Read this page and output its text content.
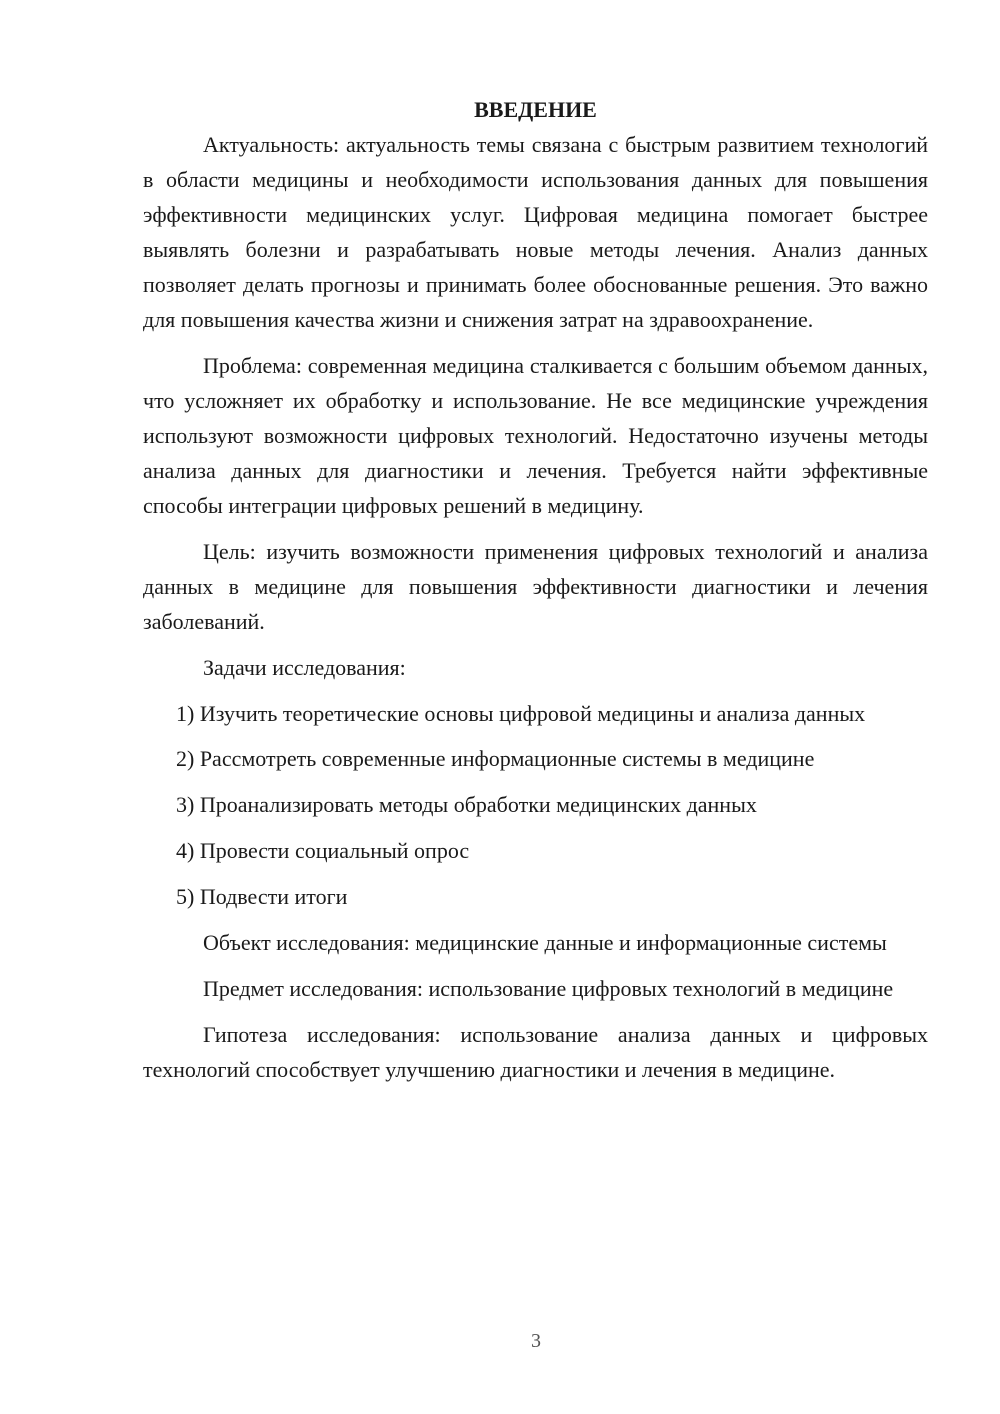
ВВЕДЕНИЕ

Актуальность: актуальность темы связана с быстрым развитием технологий в области медицины и необходимости использования данных для повышения эффективности медицинских услуг. Цифровая медицина помогает быстрее выявлять болезни и разрабатывать новые методы лечения. Анализ данных позволяет делать прогнозы и принимать более обоснованные решения. Это важно для повышения качества жизни и снижения затрат на здравоохранение.

Проблема: современная медицина сталкивается с большим объемом данных, что усложняет их обработку и использование. Не все медицинские учреждения используют возможности цифровых технологий. Недостаточно изучены методы анализа данных для диагностики и лечения. Требуется найти эффективные способы интеграции цифровых решений в медицину.

Цель: изучить возможности применения цифровых технологий и анализа данных в медицине для повышения эффективности диагностики и лечения заболеваний.

Задачи исследования:

1) Изучить теоретические основы цифровой медицины и анализа данных

2) Рассмотреть современные информационные системы в медицине

3) Проанализировать методы обработки медицинских данных

4) Провести социальный опрос

5) Подвести итоги

Объект исследования: медицинские данные и информационные системы

Предмет исследования: использование цифровых технологий в медицине

Гипотеза исследования: использование анализа данных и цифровых технологий способствует улучшению диагностики и лечения в медицине.

3
